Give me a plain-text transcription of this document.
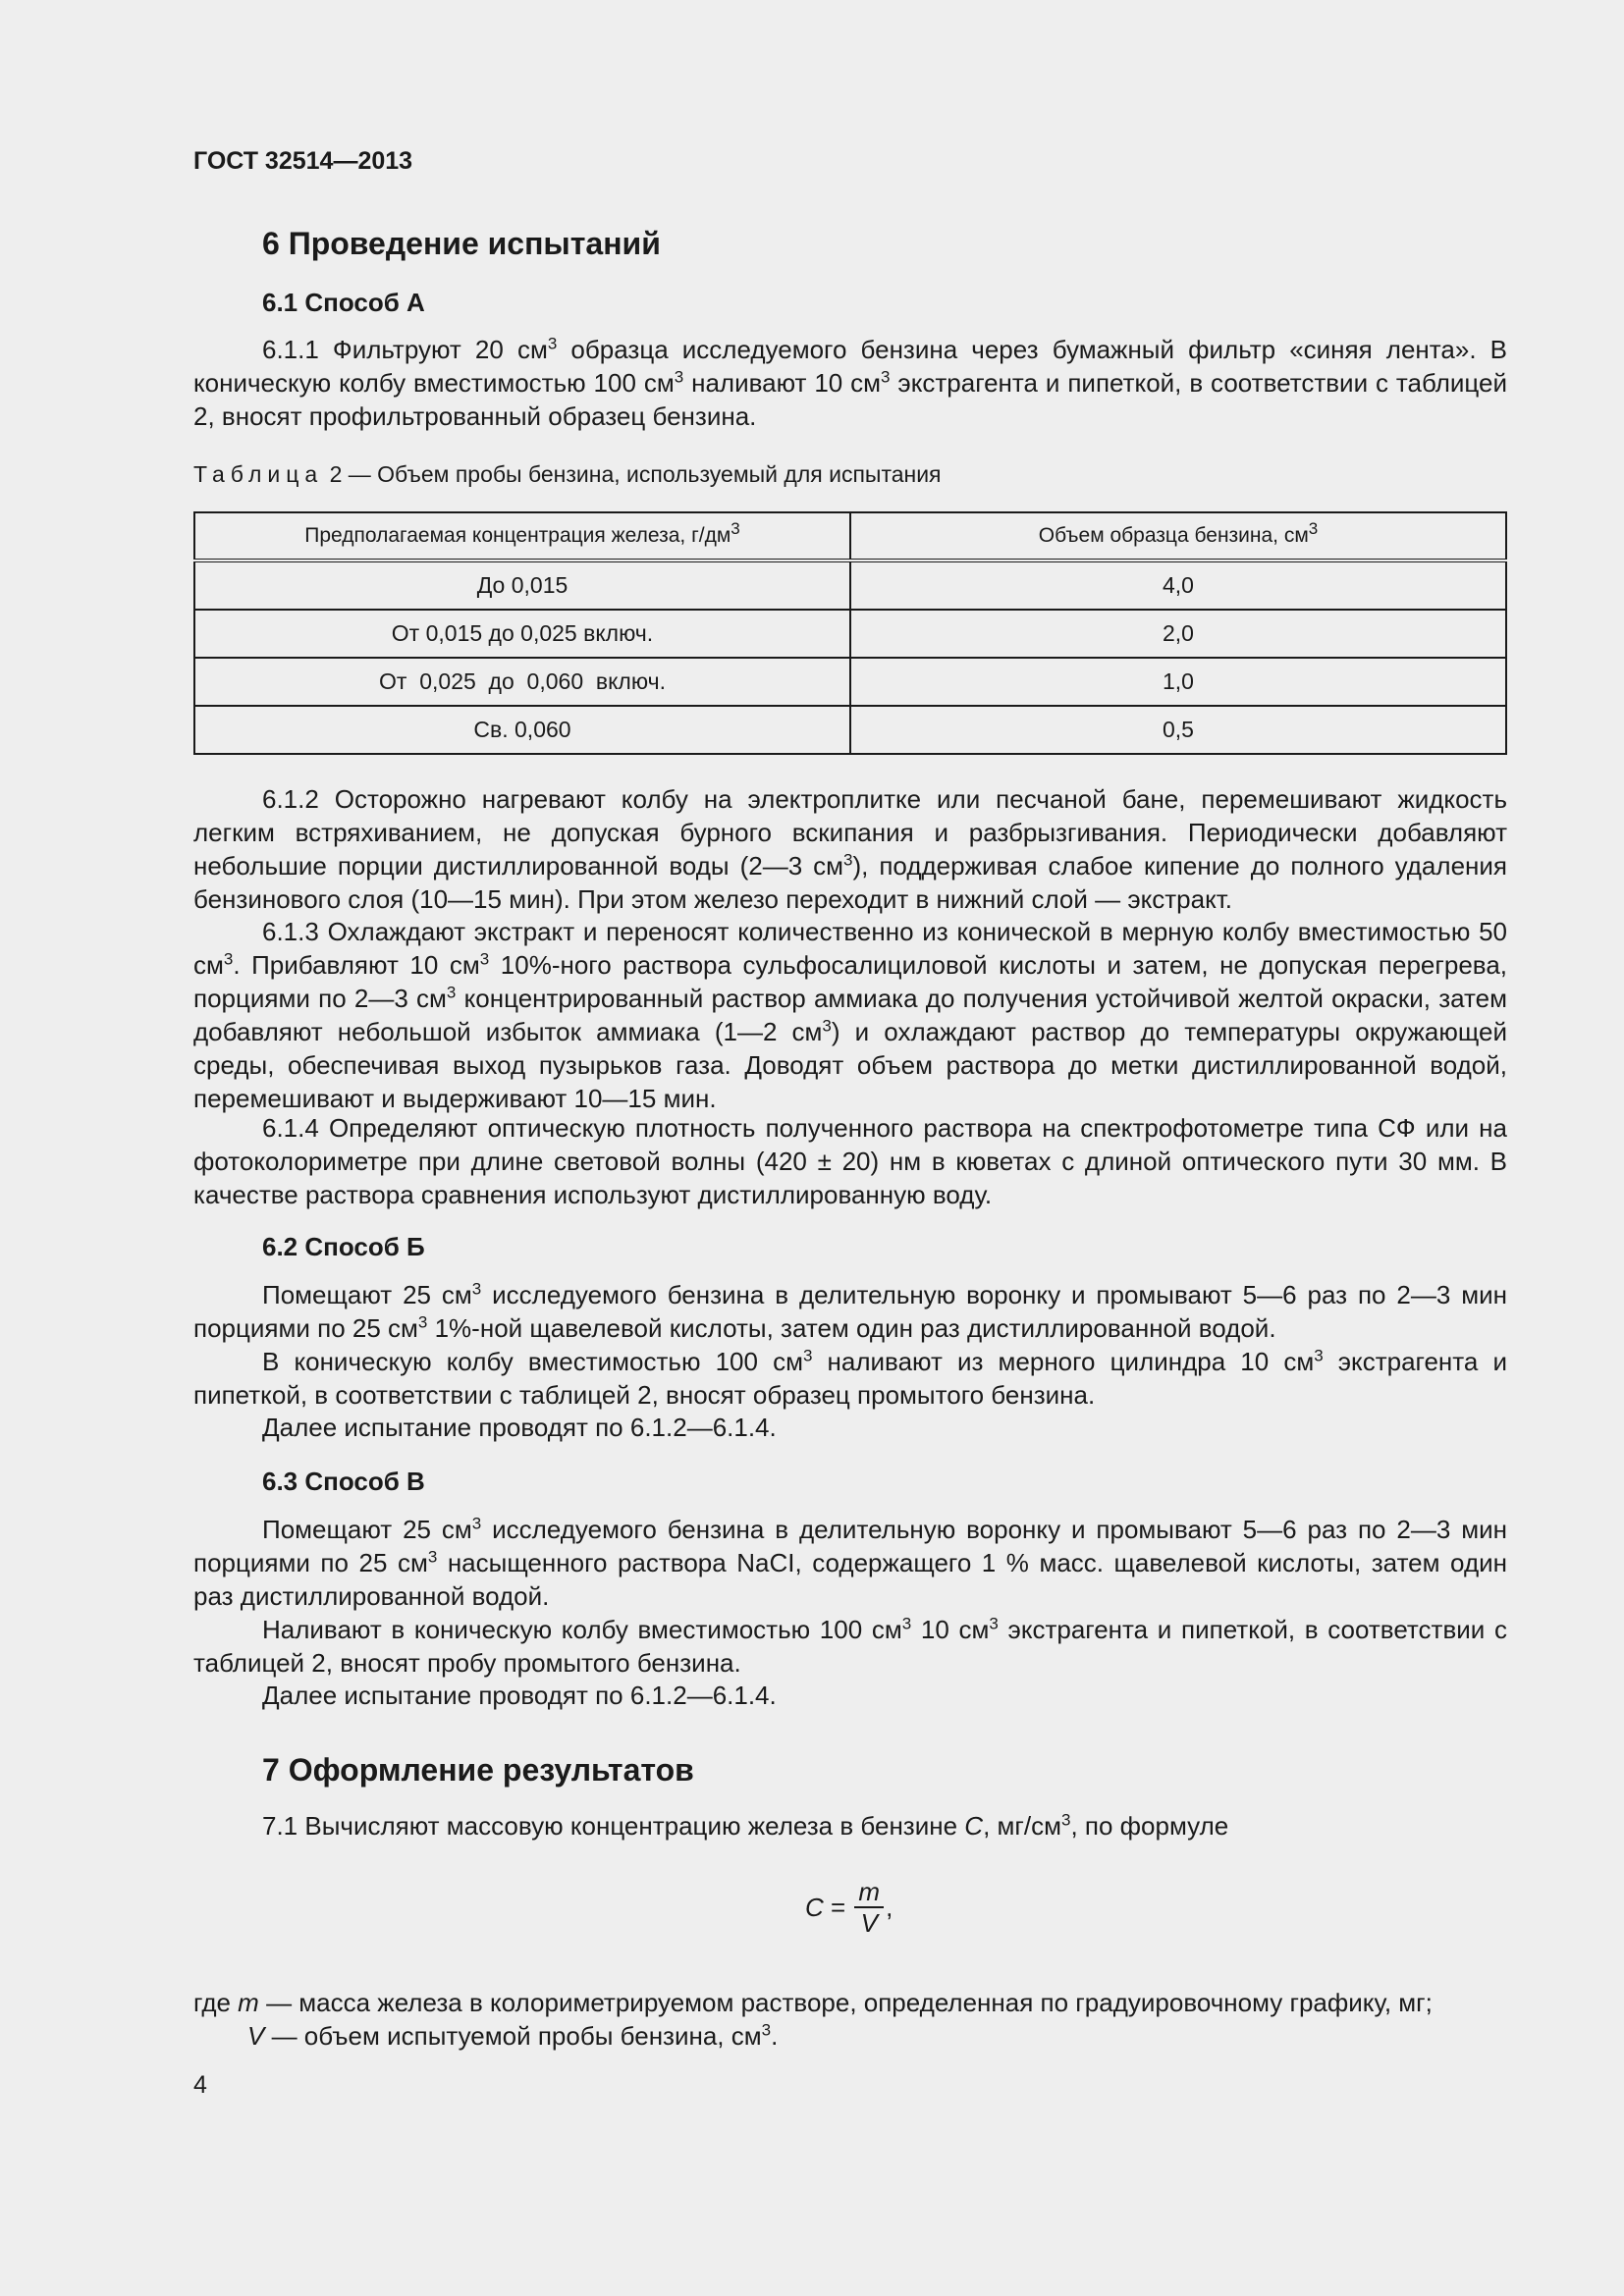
ГОСТ 32514—2013
6 Проведение испытаний
6.1 Способ А

6.1.1 Фильтруют 20 $см^3$ образца исследуемого бензина через бумажный фильтр «синяя лента». В коническую колбу вместимостью 100 $см^3$ наливают 10 $см^3$ экстрагента и пипеткой, в соответствии с таблицей 2, вносят профильтрованный образец бензина.

Таблица 2 — Объем пробы бензина, используемый для испытания
Предполагаемая концентрация железа, $г/дм^3$	Объем образца бензина, $см^3$
До 0,015	4,0
От 0,015 до 0,025 включ.	2,0
От  0,025  до  0,060  включ.	1,0
Св. 0,060	0,5

6.1.2 Осторожно нагревают колбу на электроплитке или песчаной бане, перемешивают жидкость легким встряхиванием, не допуская бурного вскипания и разбрызгивания. Периодически добавляют небольшие порции дистиллированной воды (2—3 $см^3$), поддерживая слабое кипение до полного удаления бензинового слоя (10—15 мин). При этом железо переходит в нижний слой — экстракт.

6.1.3 Охлаждают экстракт и переносят количественно из конической в мерную колбу вместимостью 50 $см^3$. Прибавляют 10 $см^3$ 10%-ного раствора сульфосалициловой кислоты и затем, не допуская перегрева, порциями по 2—3 $см^3$ концентрированный раствор аммиака до получения устойчивой желтой окраски, затем добавляют небольшой избыток аммиака (1—2 $см^3$) и охлаждают раствор до температуры окружающей среды, обеспечивая выход пузырьков газа. Доводят объем раствора до метки дистиллированной водой, перемешивают и выдерживают 10—15 мин.

6.1.4 Определяют оптическую плотность полученного раствора на спектрофотометре типа СФ или на фотоколориметре при длине световой волны (420 ± 20) нм в кюветах с длиной оптического пути 30 мм. В качестве раствора сравнения используют дистиллированную воду.

6.2 Способ Б

Помещают 25 $см^3$ исследуемого бензина в делительную воронку и промывают 5—6 раз по 2—3 мин порциями по 25 $см^3$ 1%-ной щавелевой кислоты, затем один раз дистиллированной водой.

В коническую колбу вместимостью 100 $см^3$ наливают из мерного цилиндра 10 $см^3$ экстрагента и пипеткой, в соответствии с таблицей 2, вносят образец промытого бензина.

Далее испытание проводят по 6.1.2—6.1.4.

6.3 Способ В

Помещают 25 $см^3$ исследуемого бензина в делительную воронку и промывают 5—6 раз по 2—3 мин порциями по 25 $см^3$ насыщенного раствора NaCI, содержащего 1 % масс. щавелевой кислоты, затем один раз дистиллированной водой.

Наливают в коническую колбу вместимостью 100 $см^3$ 10 $см^3$ экстрагента и пипеткой, в соответствии с таблицей 2, вносят пробу промытого бензина.

Далее испытание проводят по 6.1.2—6.1.4.

7 Оформление результатов

7.1 Вычисляют массовую концентрацию железа в бензине C, $мг/см^3$, по формуле

$C = \frac{m}{V}$ ,
где m — масса железа в колориметрируемом растворе, определенная по градуировочному графику, мг;
V — объем испытуемой пробы бензина, $см^3$.
4
